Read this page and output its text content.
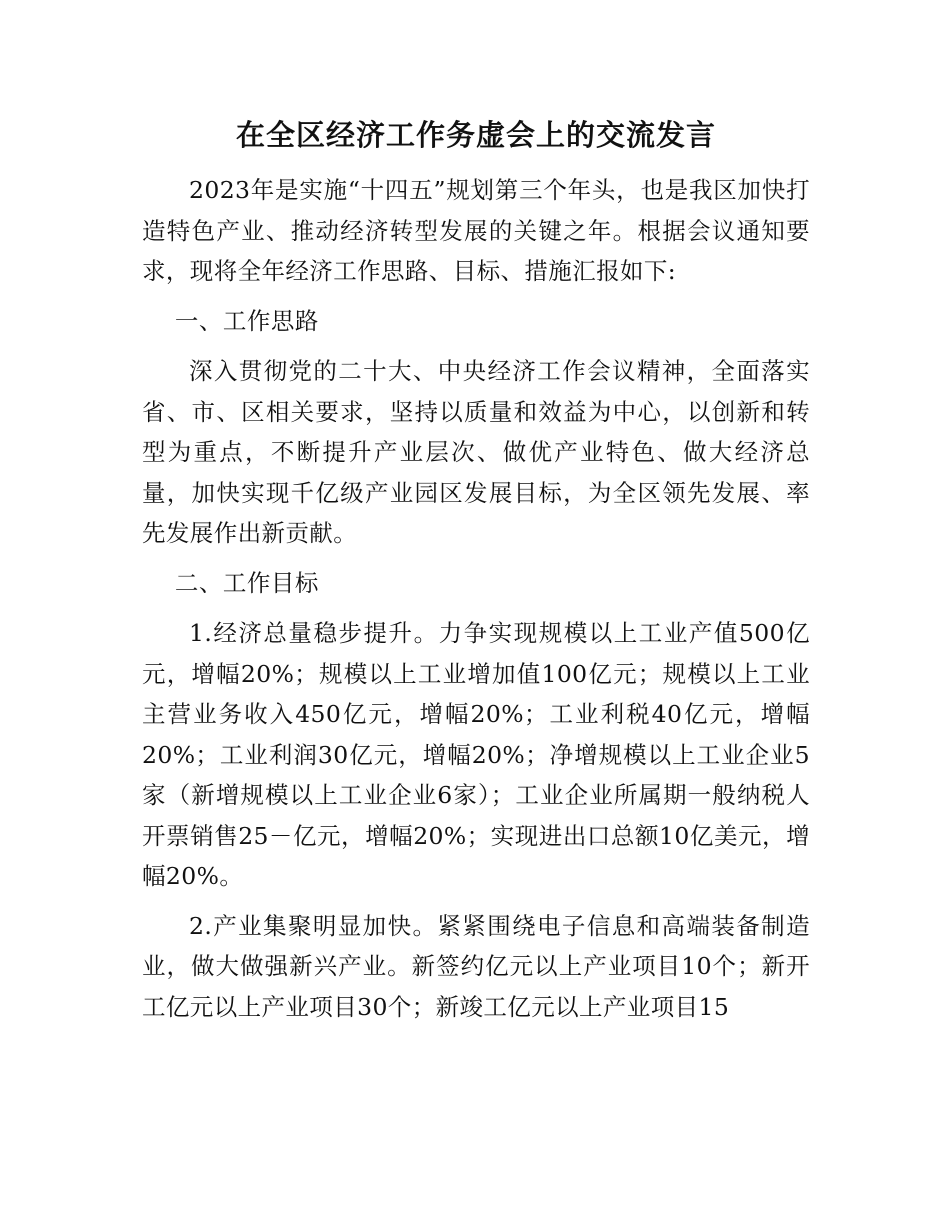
在全区经济工作务虚会上的交流发言

2023年是实施“十四五”规划第三个年头，也是我区加快打造特色产业、推动经济转型发展的关键之年。根据会议通知要求，现将全年经济工作思路、目标、措施汇报如下:

一、工作思路

深入贯彻党的二十大、中央经济工作会议精神，全面落实省、市、区相关要求，坚持以质量和效益为中心，以创新和转型为重点，不断提升产业层次、做优产业特色、做大经济总量，加快实现千亿级产业园区发展目标，为全区领先发展、率先发展作出新贡献。

二、工作目标

1.经济总量稳步提升。力争实现规模以上工业产值500亿元，增幅20%；规模以上工业增加值100亿元；规模以上工业主营业务收入450亿元，增幅20%；工业利税40亿元，增幅20%；工业利润30亿元，增幅20%；净增规模以上工业企业5家（新增规模以上工业企业6家）；工业企业所属期一般纳税人开票销售25－亿元，增幅20%；实现进出口总额10亿美元，增幅20%。

2.产业集聚明显加快。紧紧围绕电子信息和高端装备制造业，做大做强新兴产业。新签约亿元以上产业项目10个；新开工亿元以上产业项目30个；新竣工亿元以上产业项目15
